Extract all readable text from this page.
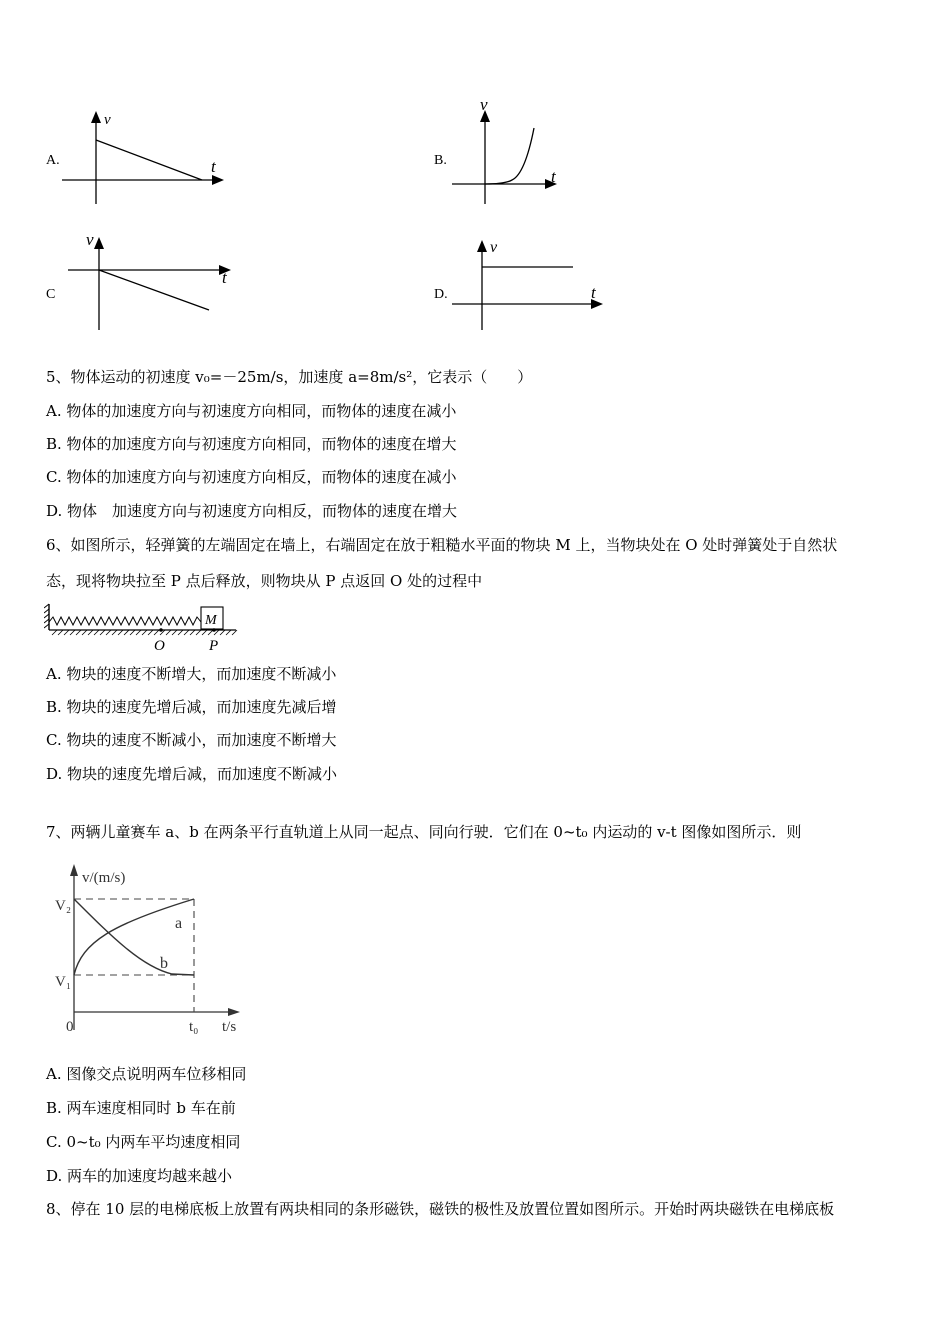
A.
v
t	B.
v
t
C
v
t
D.
v
t
5、物体运动的初速度 v₀=－25m/s，加速度 a=8m/s²，它表示（　　）
A. 物体的加速度方向与初速度方向相同，而物体的速度在减小
B. 物体的加速度方向与初速度方向相同，而物体的速度在增大
C. 物体的加速度方向与初速度方向相反，而物体的速度在减小
D. 物体　加速度方向与初速度方向相反，而物体的速度在增大
6、如图所示，轻弹簧的左端固定在墙上，右端固定在放于粗糙水平面的物块 M 上，当物块处在 O 处时弹簧处于自然状
态，现将物块拉至 P 点后释放，则物块从 P 点返回 O 处的过程中
M
O	P
A. 物块的速度不断增大，而加速度不断减小
B. 物块的速度先增后减，而加速度先减后增
C. 物块的速度不断减小，而加速度不断增大
D. 物块的速度先增后减，而加速度不断减小
7、两辆儿童赛车 a、b 在两条平行直轨道上从同一起点、同向行驶．它们在 0~t₀ 内运动的 v-t 图像如图所示．则
v/(m/s)
V₂
V₁
0	t₀ t/s
a
b
A. 图像交点说明两车位移相同
B. 两车速度相同时 b 车在前
C. 0~t₀ 内两车平均速度相同
D. 两车的加速度均越来越小
8、停在 10 层的电梯底板上放置有两块相同的条形磁铁，磁铁的极性及放置位置如图所示。开始时两块磁铁在电梯底板
